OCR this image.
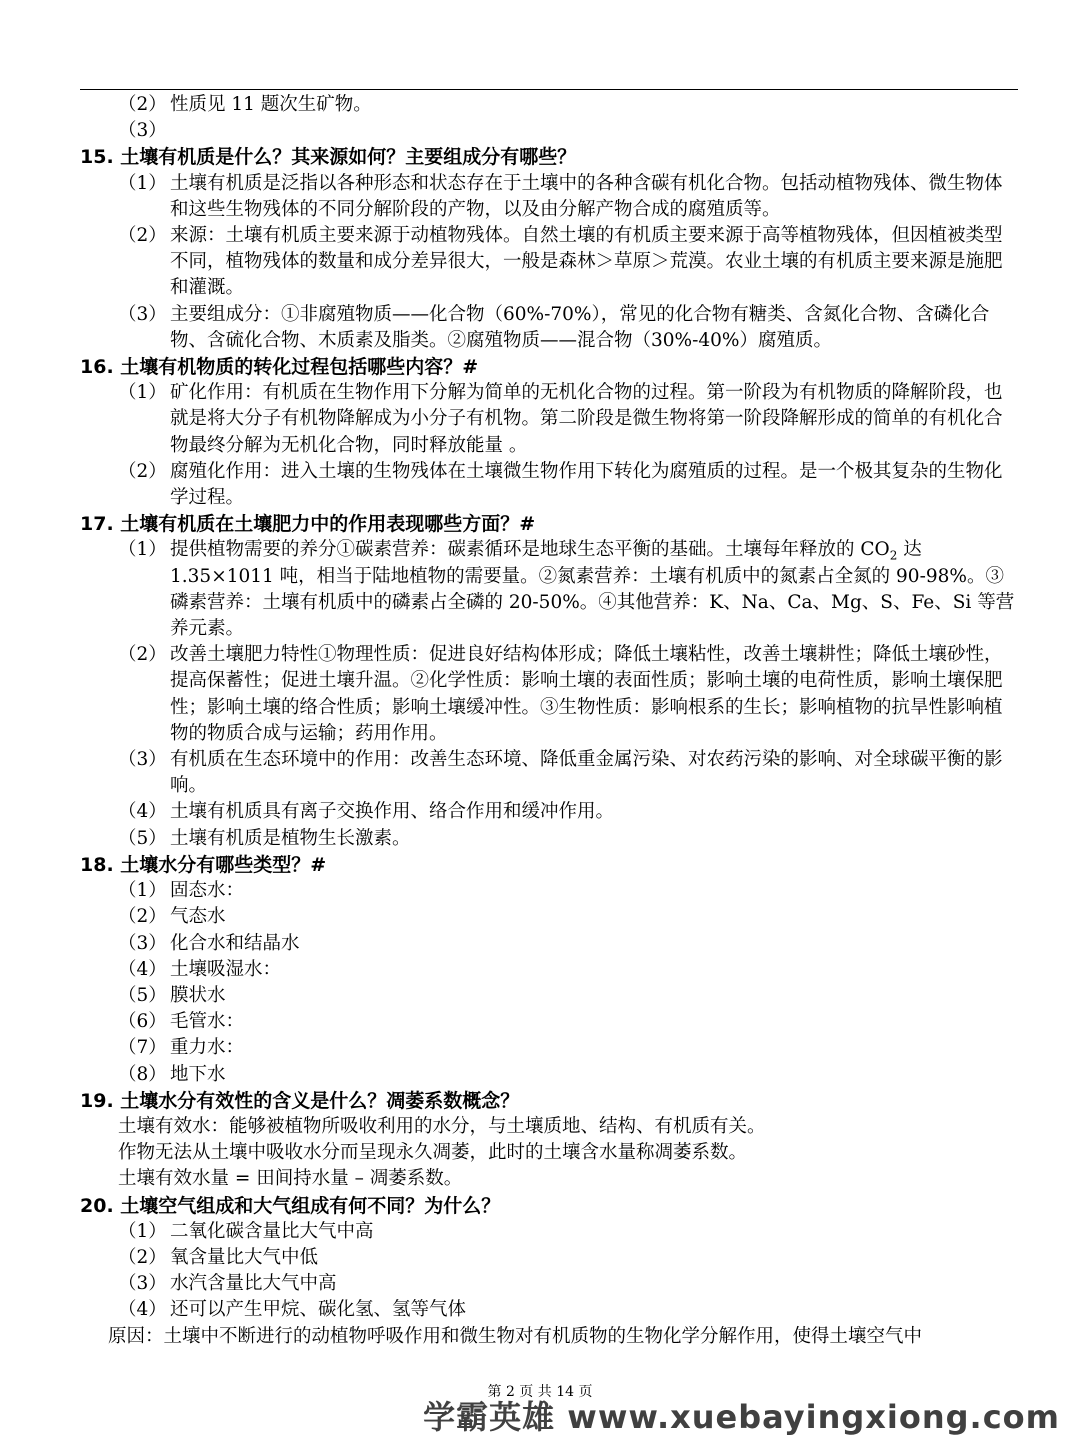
（2） 性质见 11 题次生矿物。
（3）
15. 土壤有机质是什么？其来源如何？主要组成分有哪些？
（1） 土壤有机质是泛指以各种形态和状态存在于土壤中的各种含碳有机化合物。包括动植物残体、微生物体和这些生物残体的不同分解阶段的产物，以及由分解产物合成的腐殖质等。
（2） 来源：土壤有机质主要来源于动植物残体。自然土壤的有机质主要来源于高等植物残体，但因植被类型不同，植物残体的数量和成分差异很大，一般是森林＞草原＞荒漠。农业土壤的有机质主要来源是施肥和灌溉。
（3） 主要组成分：①非腐殖物质——化合物（60%-70%），常见的化合物有糖类、含氮化合物、含磷化合物、含硫化合物、木质素及脂类。②腐殖物质——混合物（30%-40%）腐殖质。
16. 土壤有机物质的转化过程包括哪些内容？#
（1） 矿化作用：有机质在生物作用下分解为简单的无机化合物的过程。第一阶段为有机物质的降解阶段，也就是将大分子有机物降解成为小分子有机物。第二阶段是微生物将第一阶段降解形成的简单的有机化合物最终分解为无机化合物，同时释放能量 。
（2） 腐殖化作用：进入土壤的生物残体在土壤微生物作用下转化为腐殖质的过程。是一个极其复杂的生物化学过程。
17. 土壤有机质在土壤肥力中的作用表现哪些方面？#
（1） 提供植物需要的养分①碳素营养：碳素循环是地球生态平衡的基础。土壤每年释放的 $CO_2$ 达 1.35×1011 吨，相当于陆地植物的需要量。②氮素营养：土壤有机质中的氮素占全氮的 90-98%。③磷素营养：土壤有机质中的磷素占全磷的 20-50%。④其他营养：K、Na、Ca、Mg、S、Fe、Si 等营养元素。
（2） 改善土壤肥力特性①物理性质：促进良好结构体形成；降低土壤粘性，改善土壤耕性；降低土壤砂性，提高保蓄性；促进土壤升温。②化学性质：影响土壤的表面性质；影响土壤的电荷性质，影响土壤保肥性；影响土壤的络合性质；影响土壤缓冲性。③生物性质：影响根系的生长；影响植物的抗旱性影响植物的物质合成与运输；药用作用。
（3） 有机质在生态环境中的作用：改善生态环境、降低重金属污染、对农药污染的影响、对全球碳平衡的影响。
（4） 土壤有机质具有离子交换作用、络合作用和缓冲作用。
（5） 土壤有机质是植物生长激素。
18. 土壤水分有哪些类型？#
（1） 固态水：
（2） 气态水
（3） 化合水和结晶水
（4） 土壤吸湿水：
（5） 膜状水
（6） 毛管水：
（7） 重力水：
（8） 地下水
19. 土壤水分有效性的含义是什么？凋萎系数概念？
土壤有效水：能够被植物所吸收利用的水分，与土壤质地、结构、有机质有关。
作物无法从土壤中吸收水分而呈现永久凋萎，此时的土壤含水量称凋萎系数。
土壤有效水量 = 田间持水量 – 凋萎系数。
20. 土壤空气组成和大气组成有何不同？为什么？
（1） 二氧化碳含量比大气中高
（2） 氧含量比大气中低
（3） 水汽含量比大气中高
（4） 还可以产生甲烷、碳化氢、氢等气体
原因： 土壤中不断进行的动植物呼吸作用和微生物对有机质物的生物化学分解作用，使得土壤空气中
第 2 页 共 14 页
学霸英雄 www.xuebayingxiong.com
